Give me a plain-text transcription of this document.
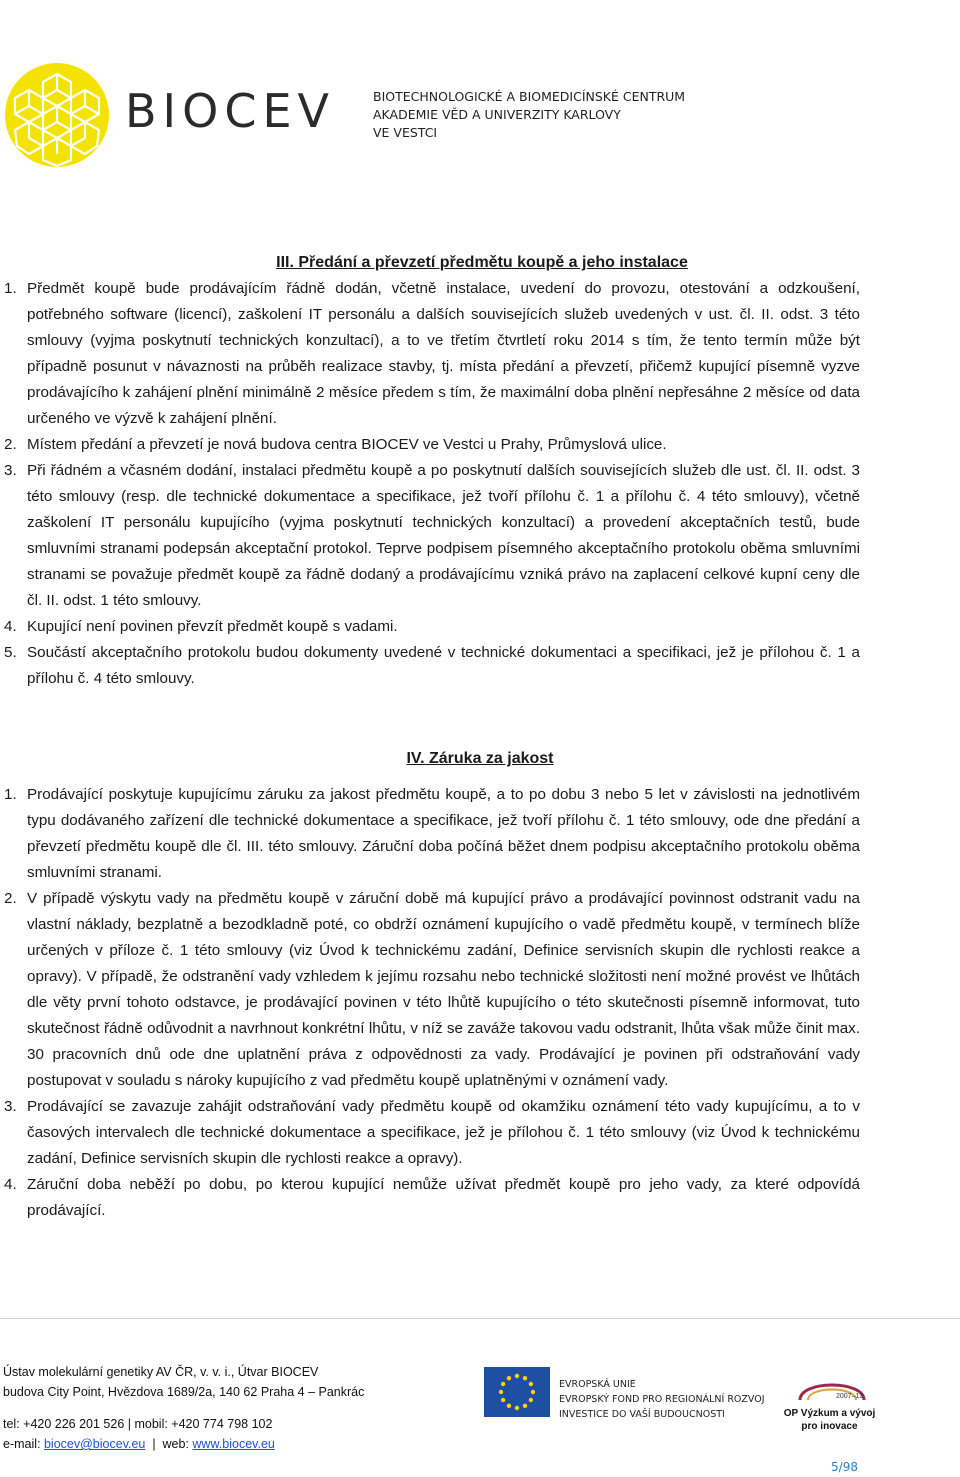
BIOCEV	BIOTECHNOLOGICKÉ A BIOMEDICÍNSKÉ CENTRUM
AKADEMIE VĚD A UNIVERZITY KARLOVY
VE VESTCI
III. Předání a převzetí předmětu koupě a jeho instalace
1. Předmět koupě bude prodávajícím řádně dodán, včetně instalace, uvedení do provozu, otestování a odzkoušení, potřebného software (licencí), zaškolení IT personálu a dalších souvisejících služeb uvedených v ust. čl. II. odst. 3 této smlouvy (vyjma poskytnutí technických konzultací), a to ve třetím čtvrtletí roku 2014 s tím, že tento termín může být případně posunut v návaznosti na průběh realizace stavby, tj. místa předání a převzetí, přičemž kupující písemně vyzve prodávajícího k zahájení plnění minimálně 2 měsíce předem s tím, že maximální doba plnění nepřesáhne 2 měsíce od data určeného ve výzvě k zahájení plnění.
2. Místem předání a převzetí je nová budova centra BIOCEV ve Vestci u Prahy, Průmyslová ulice.
3. Při řádném a včasném dodání, instalaci předmětu koupě a po poskytnutí dalších souvisejících služeb dle ust. čl. II. odst. 3 této smlouvy (resp. dle technické dokumentace a specifikace, jež tvoří přílohu č. 1 a přílohu č. 4 této smlouvy), včetně zaškolení IT personálu kupujícího (vyjma poskytnutí technických konzultací) a provedení akceptačních testů, bude smluvními stranami podepsán akceptační protokol. Teprve podpisem písemného akceptačního protokolu oběma smluvními stranami se považuje předmět koupě za řádně dodaný a prodávajícímu vzniká právo na zaplacení celkové kupní ceny dle čl. II. odst. 1 této smlouvy.
4. Kupující není povinen převzít předmět koupě s vadami.
5. Součástí akceptačního protokolu budou dokumenty uvedené v technické dokumentaci a specifikaci, jež je přílohou č. 1 a přílohu č. 4 této smlouvy.
IV. Záruka za jakost
1. Prodávající poskytuje kupujícímu záruku za jakost předmětu koupě, a to po dobu 3 nebo 5 let v závislosti na jednotlivém typu dodávaného zařízení dle technické dokumentace a specifikace, jež tvoří přílohu č. 1 této smlouvy, ode dne předání a převzetí předmětu koupě dle čl. III. této smlouvy. Záruční doba počíná běžet dnem podpisu akceptačního protokolu oběma smluvními stranami.
2. V případě výskytu vady na předmětu koupě v záruční době má kupující právo a prodávající povinnost odstranit vadu na vlastní náklady, bezplatně a bezodkladně poté, co obdrží oznámení kupujícího o vadě předmětu koupě, v termínech blíže určených v příloze č. 1 této smlouvy (viz Úvod k technickému zadání, Definice servisních skupin dle rychlosti reakce a opravy). V případě, že odstranění vady vzhledem k jejímu rozsahu nebo technické složitosti není možné provést ve lhůtách dle věty první tohoto odstavce, je prodávající povinen v této lhůtě kupujícího o této skutečnosti písemně informovat, tuto skutečnost řádně odůvodnit a navrhnout konkrétní lhůtu, v níž se zaváže takovou vadu odstranit, lhůta však může činit max. 30 pracovních dnů ode dne uplatnění práva z odpovědnosti za vady. Prodávající je povinen při odstraňování vady postupovat v souladu s nároky kupujícího z vad předmětu koupě uplatněnými v oznámení vady.
3. Prodávající se zavazuje zahájit odstraňování vady předmětu koupě od okamžiku oznámení této vady kupujícímu, a to v časových intervalech dle technické dokumentace a specifikace, jež je přílohou č. 1 této smlouvy (viz Úvod k technickému zadání, Definice servisních skupin dle rychlosti reakce a opravy).
4. Záruční doba neběží po dobu, po kterou kupující nemůže užívat předmět koupě pro jeho vady, za které odpovídá prodávající.
Ústav molekulární genetiky AV ČR, v. v. i., Útvar BIOCEV
budova City Point, Hvězdova 1689/2a, 140 62 Praha 4 – Pankrác
tel: +420 226 201 526 | mobil: +420 774 798 102
e-mail: biocev@biocev.eu  |  web: www.biocev.eu
EVROPSKÁ UNIE
EVROPSKÝ FOND PRO REGIONÁLNÍ ROZVOJ
INVESTICE DO VAŠÍ BUDOUCNOSTI
2007–13
OP Výzkum a vývoj
pro inovace
5/98
